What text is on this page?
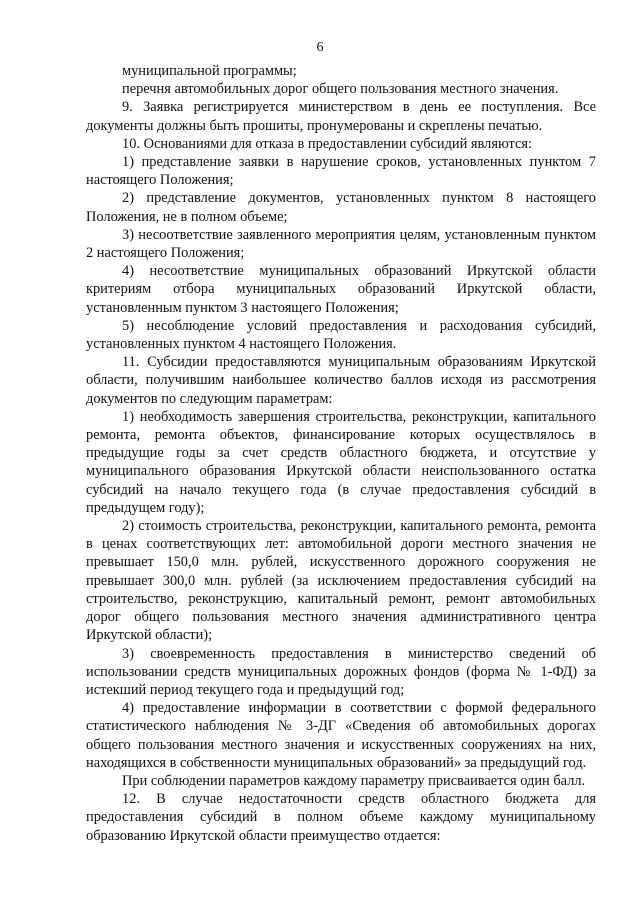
6

муниципальной программы;

перечня автомобильных дорог общего пользования местного значения.

9. Заявка регистрируется министерством в день ее поступления. Все документы должны быть прошиты, пронумерованы и скреплены печатью.

10. Основаниями для отказа в предоставлении субсидий являются:

1) представление заявки в нарушение сроков, установленных пунктом 7 настоящего Положения;

2) представление документов, установленных пунктом 8 настоящего Положения, не в полном объеме;

3) несоответствие заявленного мероприятия целям, установленным пунктом 2 настоящего Положения;

4) несоответствие муниципальных образований Иркутской области критериям отбора муниципальных образований Иркутской области, установленным пунктом 3 настоящего Положения;

5) несоблюдение условий предоставления и расходования субсидий, установленных пунктом 4 настоящего Положения.

11. Субсидии предоставляются муниципальным образованиям Иркутской области, получившим наибольшее количество баллов исходя из рассмотрения документов по следующим параметрам:

1) необходимость завершения строительства, реконструкции, капитального ремонта, ремонта объектов, финансирование которых осуществлялось в предыдущие годы за счет средств областного бюджета, и отсутствие у муниципального образования Иркутской области неиспользованного остатка субсидий на начало текущего года (в случае предоставления субсидий в предыдущем году);

2) стоимость строительства, реконструкции, капитального ремонта, ремонта в ценах соответствующих лет: автомобильной дороги местного значения не превышает 150,0 млн. рублей, искусственного дорожного сооружения не превышает 300,0 млн. рублей (за исключением предоставления субсидий на строительство, реконструкцию, капитальный ремонт, ремонт автомобильных дорог общего пользования местного значения административного центра Иркутской области);

3) своевременность предоставления в министерство сведений об использовании средств муниципальных дорожных фондов (форма № 1-ФД) за истекший период текущего года и предыдущий год;

4) предоставление информации в соответствии с формой федерального статистического наблюдения № 3-ДГ «Сведения об автомобильных дорогах общего пользования местного значения и искусственных сооружениях на них, находящихся в собственности муниципальных образований» за предыдущий год.

При соблюдении параметров каждому параметру присваивается один балл.

12. В случае недостаточности средств областного бюджета для предоставления субсидий в полном объеме каждому муниципальному образованию Иркутской области преимущество отдается:
